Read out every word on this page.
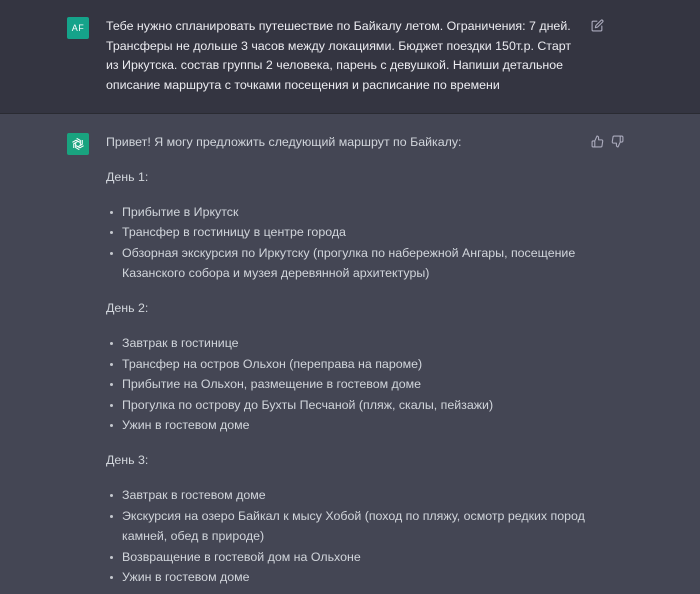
AF Тебе нужно спланировать путешествие по Байкалу летом. Ограничения: 7 дней. Трансферы не дольше 3 часов между локациями. Бюджет поездки 150т.р. Старт из Иркутска. состав группы 2 человека, парень с девушкой. Напиши детальное описание маршрута с точками посещения и расписание по времени
Привет! Я могу предложить следующий маршрут по Байкалу:
День 1:
Прибытие в Иркутск
Трансфер в гостиницу в центре города
Обзорная экскурсия по Иркутску (прогулка по набережной Ангары, посещение
Казанского собора и музея деревянной архитектуры)
День 2:
Завтрак в гостинице
Трансфер на остров Ольхон (переправа на пароме)
Прибытие на Ольхон, размещение в гостевом доме
Прогулка по острову до Бухты Песчаной (пляж, скалы, пейзажи)
Ужин в гостевом доме
День 3:
Завтрак в гостевом доме
Экскурсия на озеро Байкал к мысу Хобой (поход по пляжу, осмотр редких пород
камней, обед в природе)
Возвращение в гостевой дом на Ольхоне
Ужин в гостевом доме
